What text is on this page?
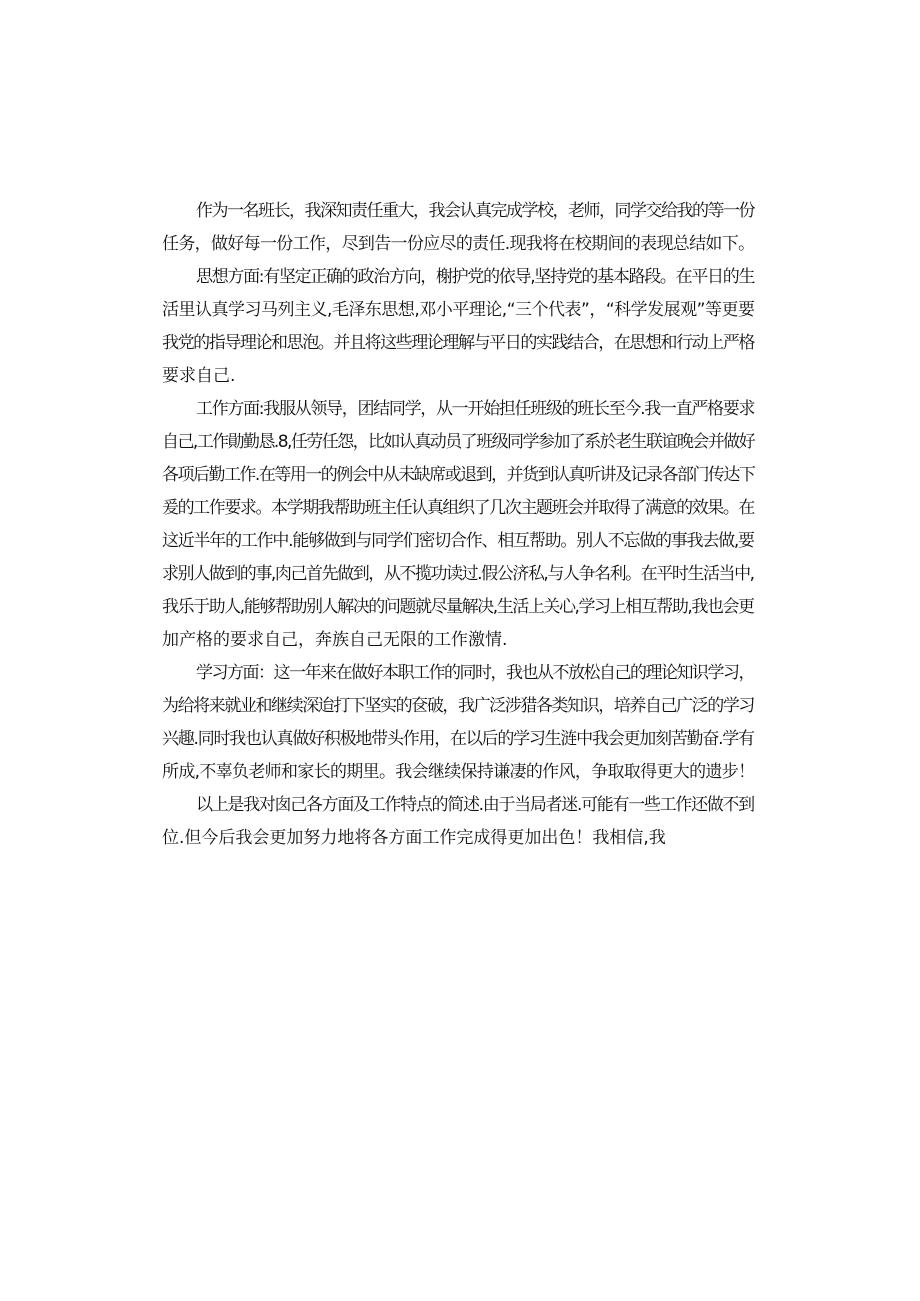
作为一名班长，我深知责任重大，我会认真完成学校，老师，同学交给我的等一份
任务，做好每一份工作，尽到告一份应尽的责任.现我将在校期间的表现总结如下。
思想方面:有坚定正确的政治方向，榭护党的依导,坚持党的基本路段。在平日的生
活里认真学习马列主义,毛泽东思想,邓小平理论,“三个代表”，“科学发展观”等更要
我党的指导理论和思泡。并且将这些理论理解与平日的实践结合，在思想和行动上严格
要求自己.
工作方面:我服从领导，团结同学，从一开始担任班级的班长至今.我一直严格要求
自己,工作勛勤恳.8,任劳任怨，比如认真动员了班级同学参加了系於老生联谊晚会并做好
各项后勤工作.在等用一的例会中从未缺席或退到，并货到认真听讲及记录各部门传达下
爰的工作要求。本学期我帮助班主任认真组织了几次主题班会并取得了满意的效果。在
这近半年的工作中.能够做到与同学们密切合作、相互帮助。别人不忘做的事我去做,要
求别人做到的事,肉己首先做到，从不揽功读过.假公济私,与人争名利。在平时生活当中,
我乐于助人,能够帮助别人解决的问题就尽量解决,生活上关心,学习上相互帮助,我也会更
加产格的要求自己，奔族自己无限的工作激情.
学习方面：这一年来在做好本职工作的同时，我也从不放松自己的理论知识学习，
为给将来就业和继续深迨打下坚实的奁破，我广泛涉猎各类知识，培养自己广泛的学习
兴趣.同时我也认真做好积极地带头作用，在以后的学习生涟中我会更加刻苦勤奋.学有
所成,不辜负老师和家长的期里。我会继续保持谦凄的作风，争取取得更大的遗步！
以上是我对囱己各方面及工作特点的简述.由于当局者迷.可能有一些工作还做不到
位.但今后我会更加努力地将各方面工作完成得更加出色！我相信,我
